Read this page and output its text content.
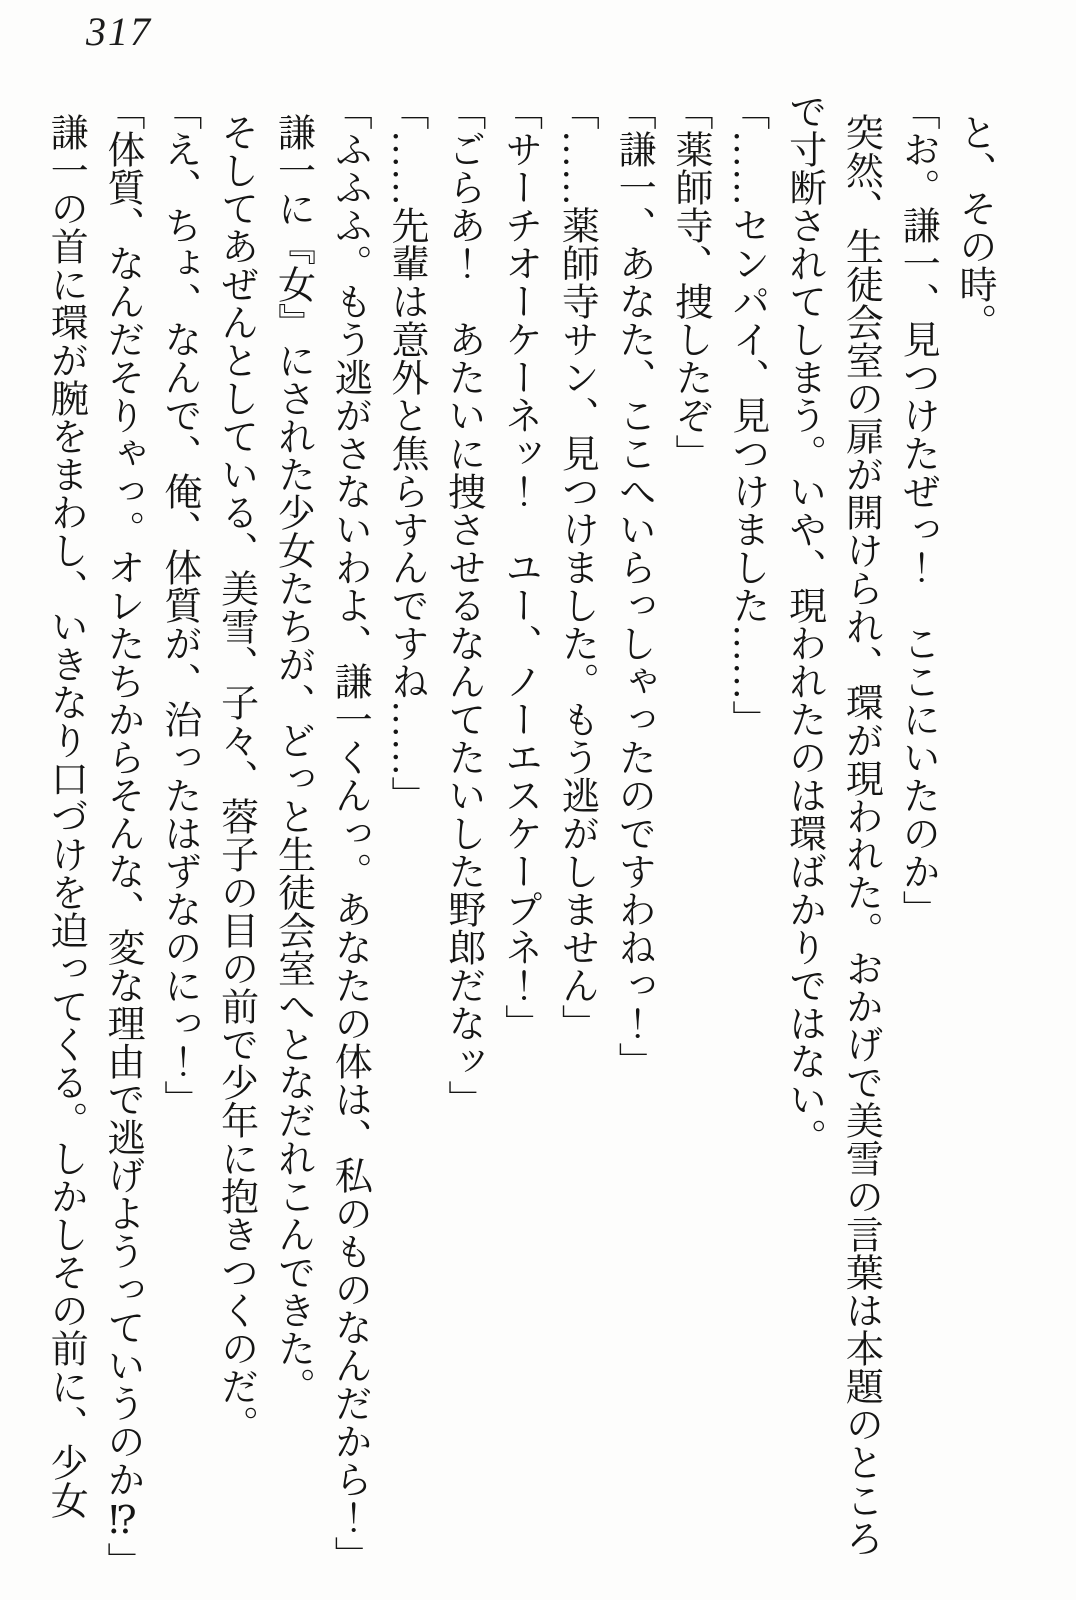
317

と、その時。

「お。謙一、見つけたぜっ！　ここにいたのか」

突然、生徒会室の扉が開けられ、環が現われた。おかげで美雪の言葉は本題のところで寸断されてしまう。いや、現われたのは環ばかりではない。

「……センパイ、見つけました……」

「薬師寺、捜したぞ」

「謙一、あなた、ここへいらっしゃったのですわねっ！」

「……薬師寺サン、見つけました。もう逃がしません」

「サーチオーケーネッ！　ユー、ノーエスケープネ！」

「ごらあ！　あたいに捜させるなんてたいした野郎だなッ」

「……先輩は意外と焦らすんですね……」

「ふふふ。もう逃がさないわよ、謙一くんっ。あなたの体は、私のものなんだから！」

謙一に『女』にされた少女たちが、どっと生徒会室へとなだれこんできた。

そしてあぜんとしている、美雪、子々、蓉子の目の前で少年に抱きつくのだ。

「え、ちょ、なんで、俺、体質が、治ったはずなのにっ！」

「体質、なんだそりゃっ。オレたちからそんな、変な理由で逃げようっていうのか⁉」

謙一の首に環が腕をまわし、いきなり口づけを迫ってくる。しかしその前に、少女
